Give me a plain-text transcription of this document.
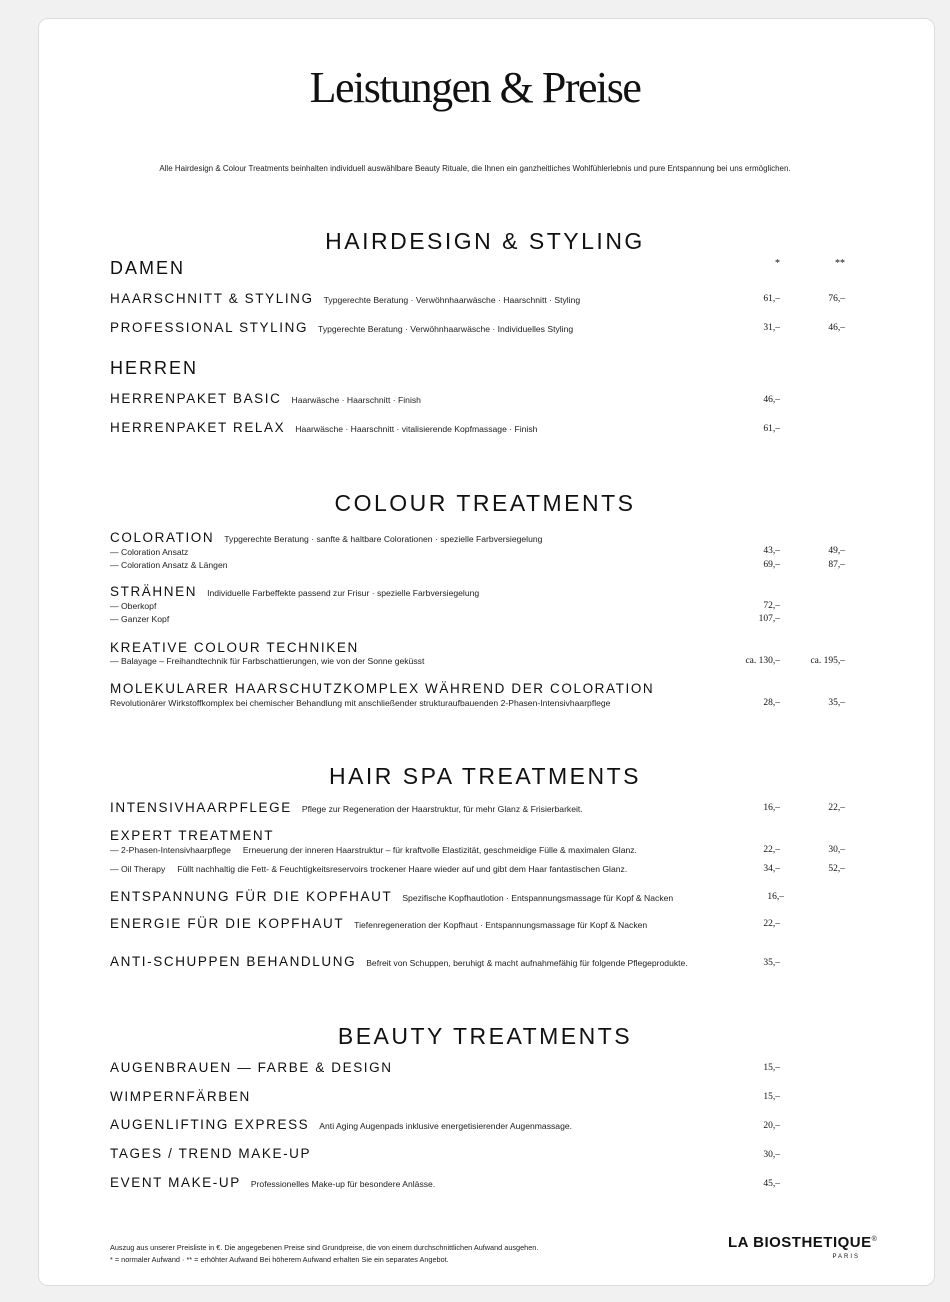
Leistungen & Preise
Alle Hairdesign & Colour Treatments beinhalten individuell auswählbare Beauty Rituale, die Ihnen ein ganzheitliches Wohlfühlerlebnis und pure Entspannung bei uns ermöglichen.
HAIRDESIGN & STYLING
DAMEN	*	**
HAARSCHNITT & STYLING Typgerechte Beratung · Verwöhnhaarwäsche · Haarschnitt · Styling	61,–	76,–
PROFESSIONAL STYLING Typgerechte Beratung · Verwöhnhaarwäsche · Individuelles Styling	31,–	46,–
HERREN
HERRENPAKET BASIC Haarwäsche · Haarschnitt · Finish	46,–
HERRENPAKET RELAX Haarwäsche · Haarschnitt · vitalisierende Kopfmassage · Finish	61,–
COLOUR TREATMENTS
COLORATION Typgerechte Beratung · sanfte & haltbare Colorationen · spezielle Farbversiegelung
— Coloration Ansatz	43,–	49,–
— Coloration Ansatz & Längen	69,–	87,–
STRÄHNEN Individuelle Farbeffekte passend zur Frisur · spezielle Farbversiegelung
— Oberkopf	72,–
— Ganzer Kopf	107,–
KREATIVE COLOUR TECHNIKEN
— Balayage – Freihandtechnik für Farbschattierungen, wie von der Sonne geküsst	ca. 130,–	ca. 195,–
MOLEKULARER HAARSCHUTZKOMPLEX WÄHREND DER COLORATION
Revolutionärer Wirkstoffkomplex bei chemischer Behandlung mit anschließender strukturaufbauenden 2-Phasen-Intensivhaarpflege	28,–	35,–
HAIR SPA TREATMENTS
INTENSIVHAARPFLEGE Pflege zur Regeneration der Haarstruktur, für mehr Glanz & Frisierbarkeit.	16,–	22,–
EXPERT TREATMENT
— 2-Phasen-Intensivhaarpflege Erneuerung der inneren Haarstruktur – für kraftvolle Elastizität, geschmeidige Fülle & maximalen Glanz.	22,–	30,–
— Oil Therapy Füllt nachhaltig die Fett- & Feuchtigkeitsreservoirs trockener Haare wieder auf und gibt dem Haar fantastischen Glanz.	34,–	52,–
ENTSPANNUNG FÜR DIE KOPFHAUT Spezifische Kopfhautlotion · Entspannungsmassage für Kopf & Nacken	16,–
ENERGIE FÜR DIE KOPFHAUT Tiefenregeneration der Kopfhaut · Entspannungsmassage für Kopf & Nacken	22,–
ANTI-SCHUPPEN BEHANDLUNG Befreit von Schuppen, beruhigt & macht aufnahmefähig für folgende Pflegeprodukte.	35,–
BEAUTY TREATMENTS
AUGENBRAUEN — FARBE & DESIGN	15,–
WIMPERNFÄRBEN	15,–
AUGENLIFTING EXPRESS Anti Aging Augenpads inklusive energetisierender Augenmassage.	20,–
TAGES / TREND MAKE-UP	30,–
EVENT MAKE-UP Professionelles Make-up für besondere Anlässe.	45,–
Auszug aus unserer Preisliste in €. Die angegebenen Preise sind Grundpreise, die von einem durchschnittlichen Aufwand ausgehen.
* = normaler Aufwand · ** = erhöhter Aufwand Bei höherem Aufwand erhalten Sie ein separates Angebot.
LA BIOSTHETIQUE®
PARIS
